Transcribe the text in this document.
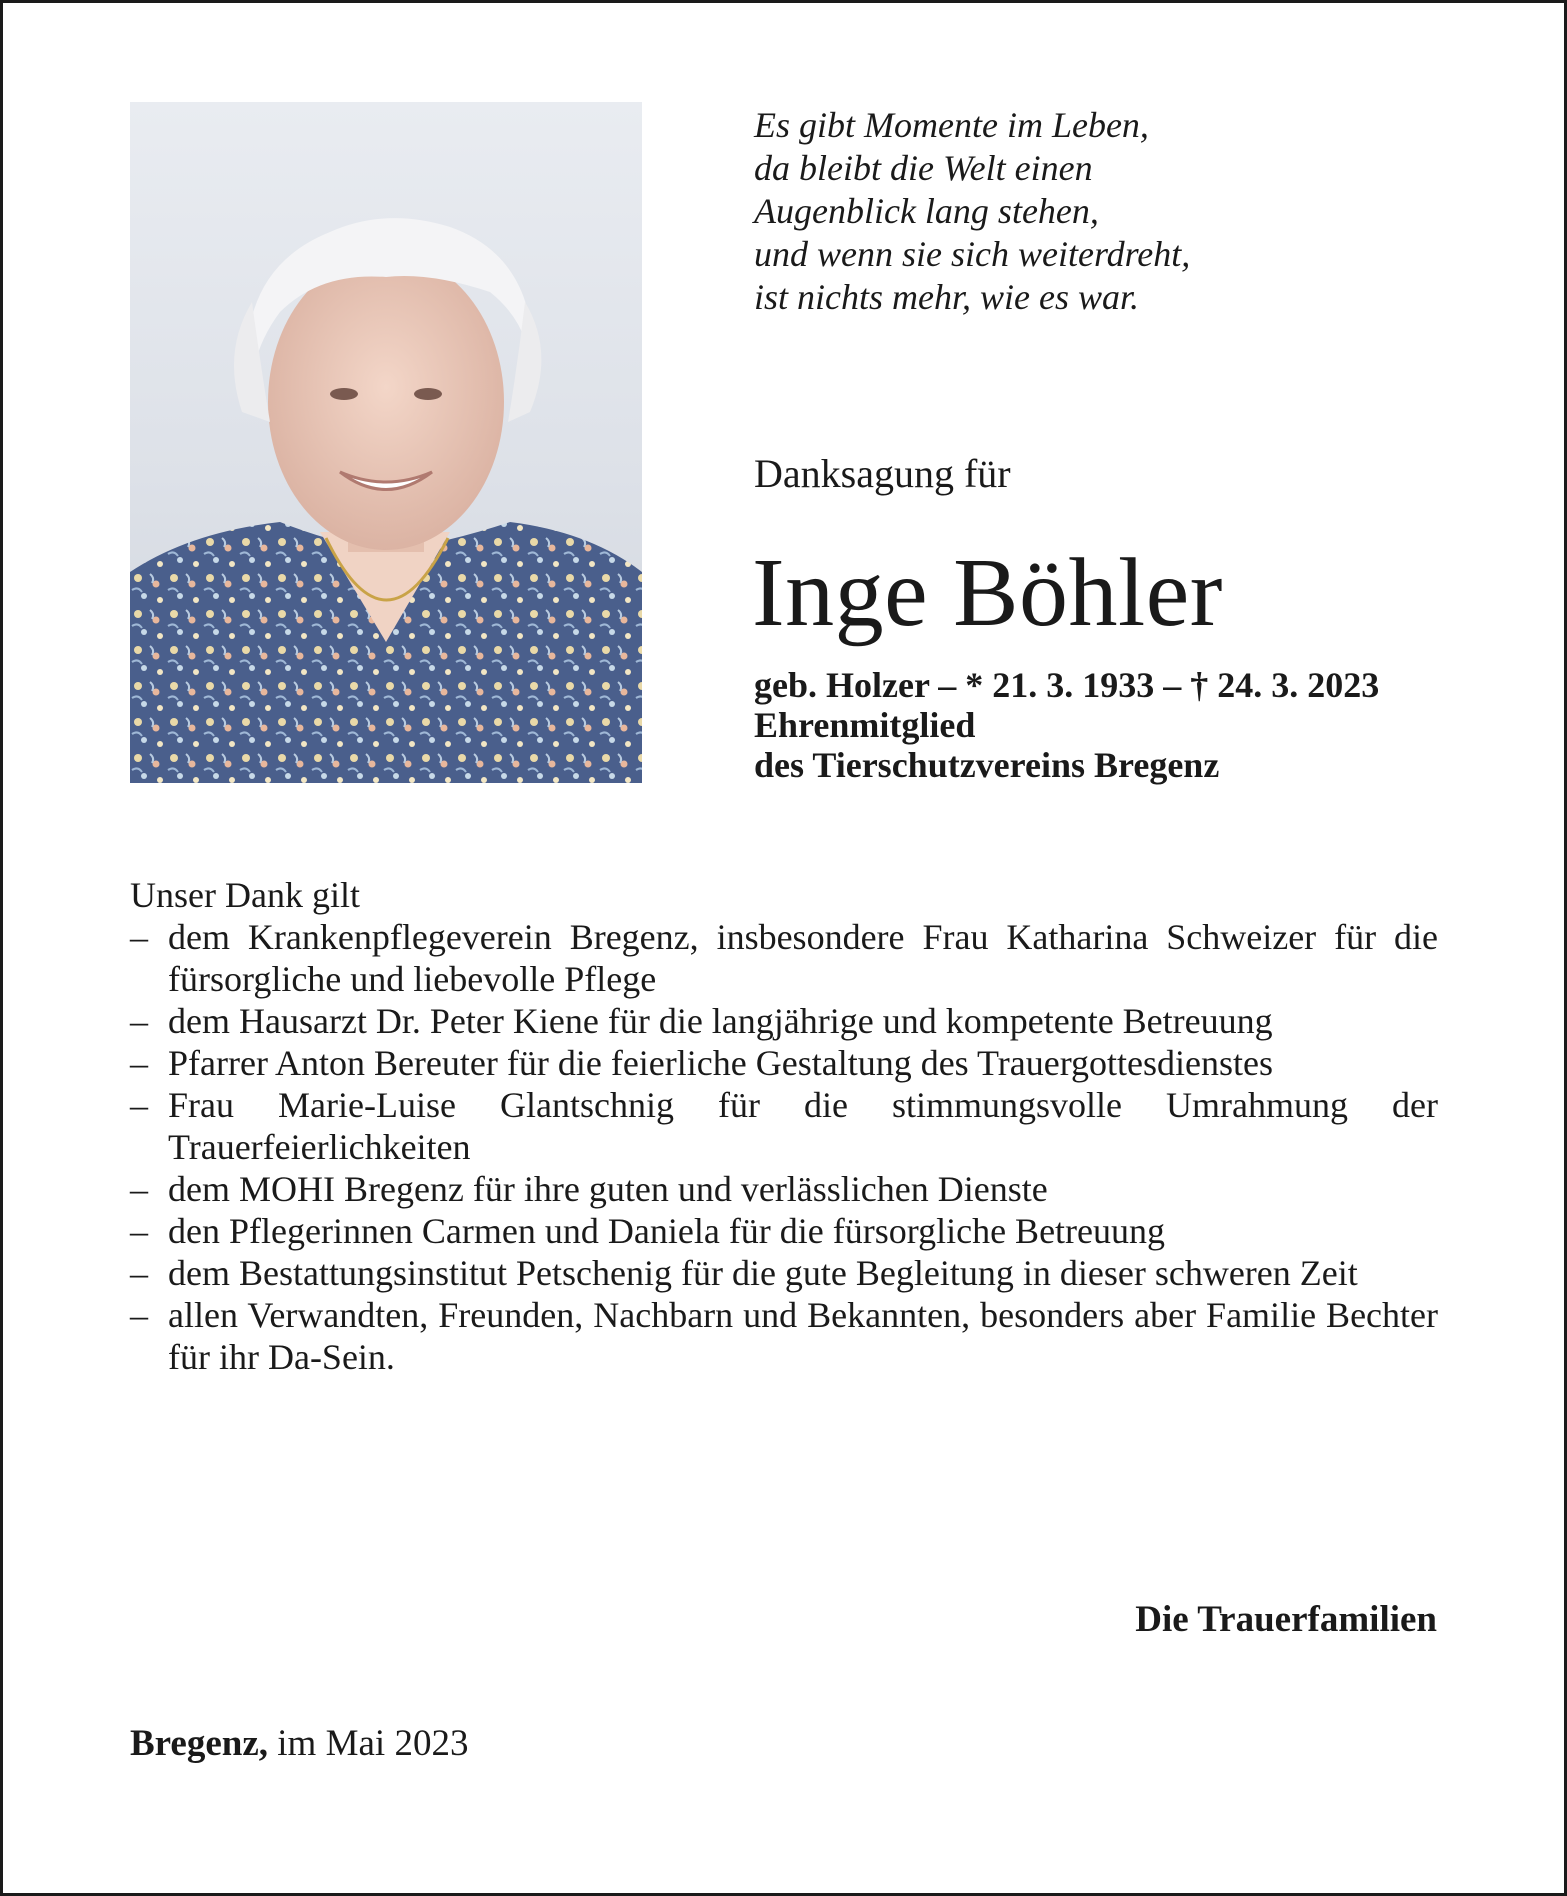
Es gibt Momente im Leben,
da bleibt die Welt einen
Augenblick lang stehen,
und wenn sie sich weiterdreht,
ist nichts mehr, wie es war.
Danksagung für
Inge Böhler
geb. Holzer – * 21. 3. 1933 – † 24. 3. 2023
Ehrenmitglied
des Tierschutzvereins Bregenz
Unser Dank gilt
– dem Krankenpflegeverein Bregenz, insbesondere Frau Katharina Schweizer für die fürsorgliche und liebevolle Pflege
– dem Hausarzt Dr. Peter Kiene für die langjährige und kompetente Betreuung
– Pfarrer Anton Bereuter für die feierliche Gestaltung des Trauergottesdienstes
– Frau Marie-Luise Glantschnig für die stimmungsvolle Umrahmung der Trauerfeierlichkeiten
– dem MOHI Bregenz für ihre guten und verlässlichen Dienste
– den Pflegerinnen Carmen und Daniela für die fürsorgliche Betreuung
– dem Bestattungsinstitut Petschenig für die gute Begleitung in dieser schweren Zeit
– allen Verwandten, Freunden, Nachbarn und Bekannten, besonders aber Familie Bechter für ihr Da-Sein.
Die Trauerfamilien
Bregenz, im Mai 2023
